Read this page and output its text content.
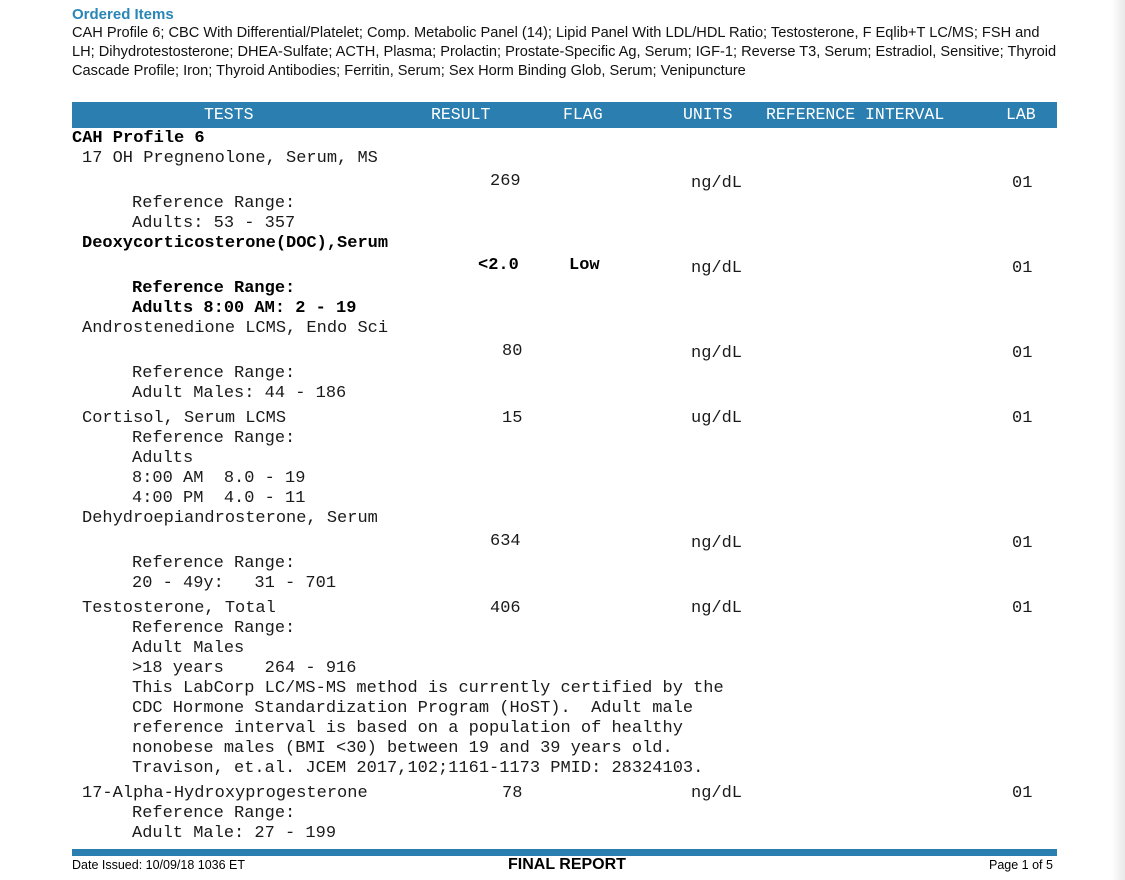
Ordered Items
CAH Profile 6; CBC With Differential/Platelet; Comp. Metabolic Panel (14); Lipid Panel With LDL/HDL Ratio; Testosterone, F Eqlib+T LC/MS; FSH and LH; Dihydrotestosterone; DHEA-Sulfate; ACTH, Plasma; Prolactin; Prostate-Specific Ag, Serum; IGF-1; Reverse T3, Serum; Estradiol, Sensitive; Thyroid Cascade Profile; Iron; Thyroid Antibodies; Ferritin, Serum; Sex Horm Binding Glob, Serum; Venipuncture
TESTS	RESULT	FLAG	UNITS REFERENCE INTERVAL	LAB
CAH Profile 6
17 OH Pregnenolone, Serum, MS
269	ng/dL	01
Reference Range:
Adults: 53 - 357
Deoxycorticosterone(DOC),Serum
<2.0	Low	ng/dL	01
Reference Range:
Adults 8:00 AM: 2 - 19
Androstenedione LCMS, Endo Sci
80	ng/dL	01
Reference Range:
Adult Males: 44 - 186
Cortisol, Serum LCMS	15	ug/dL	01
Reference Range:
Adults
8:00 AM  8.0 - 19
4:00 PM  4.0 - 11
Dehydroepiandrosterone, Serum
634	ng/dL	01
Reference Range:
20 - 49y:   31 - 701
Testosterone, Total	406	ng/dL	01
Reference Range:
Adult Males
>18 years    264 - 916
This LabCorp LC/MS-MS method is currently certified by the
CDC Hormone Standardization Program (HoST).  Adult male
reference interval is based on a population of healthy
nonobese males (BMI <30) between 19 and 39 years old.
Travison, et.al. JCEM 2017,102;1161-1173 PMID: 28324103.
17-Alpha-Hydroxyprogesterone	78	ng/dL	01
Reference Range:
Adult Male: 27 - 199
Date Issued: 10/09/18 1036 ET	FINAL REPORT	Page 1 of 5
